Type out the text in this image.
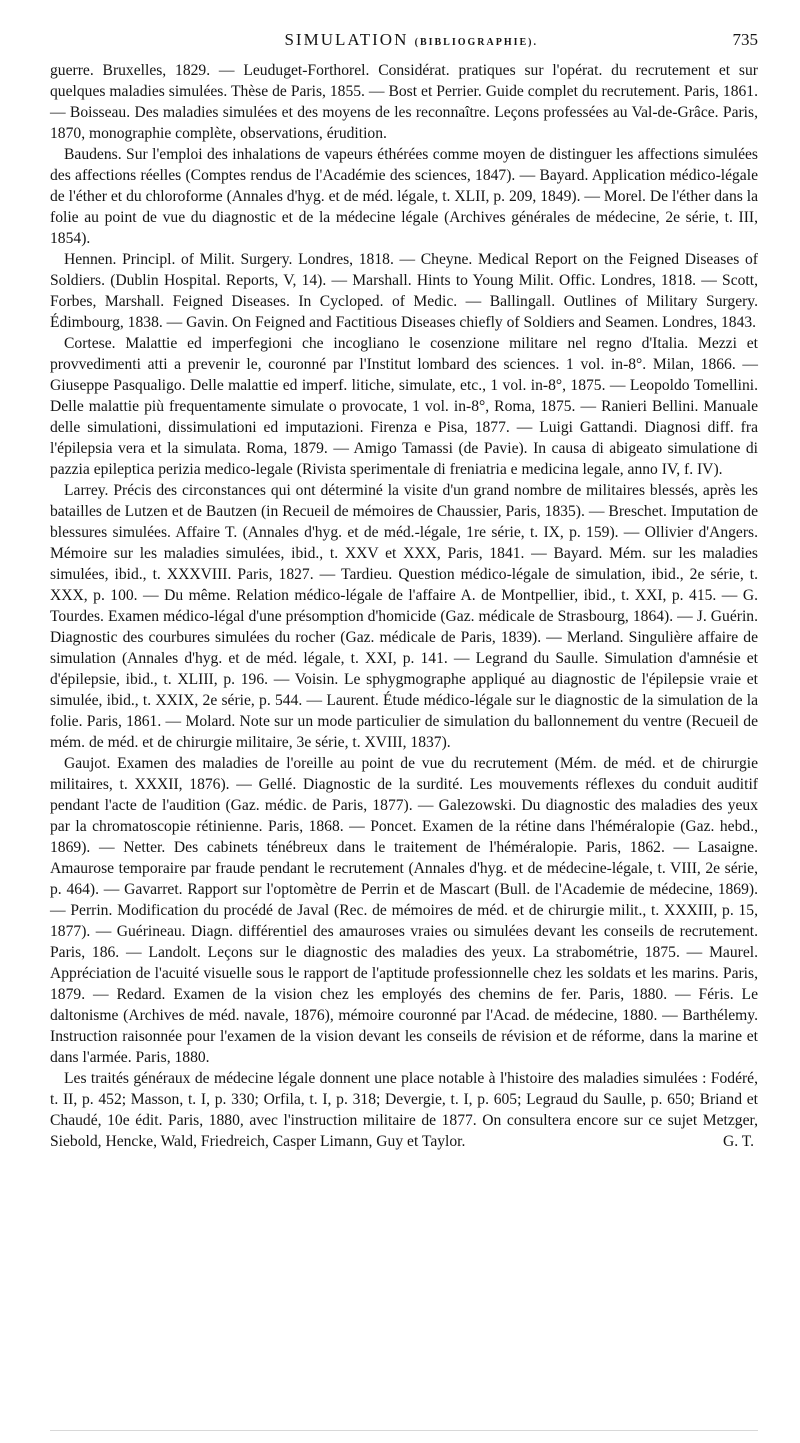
SIMULATION (BIBLIOGRAPHIE).	735

guerre. Bruxelles, 1829. — Leuduget-Forthorel. Considérat. pratiques sur l'opérat. du recrutement et sur quelques maladies simulées. Thèse de Paris, 1855. — Bost et Perrier. Guide complet du recrutement. Paris, 1861. — Boisseau. Des maladies simulées et des moyens de les reconnaître. Leçons professées au Val-de-Grâce. Paris, 1870, monographie complète, observations, érudition.

Baudens. Sur l'emploi des inhalations de vapeurs éthérées comme moyen de distinguer les affections simulées des affections réelles (Comptes rendus de l'Académie des sciences, 1847). — Bayard. Application médico-légale de l'éther et du chloroforme (Annales d'hyg. et de méd. légale, t. XLII, p. 209, 1849). — Morel. De l'éther dans la folie au point de vue du diagnostic et de la médecine légale (Archives générales de médecine, 2e série, t. III, 1854).

Hennen. Principl. of Milit. Surgery. Londres, 1818. — Cheyne. Medical Report on the Feigned Diseases of Soldiers. (Dublin Hospital. Reports, V, 14). — Marshall. Hints to Young Milit. Offic. Londres, 1818. — Scott, Forbes, Marshall. Feigned Diseases. In Cycloped. of Medic. — Ballingall. Outlines of Military Surgery. Édimbourg, 1838. — Gavin. On Feigned and Factitious Diseases chiefly of Soldiers and Seamen. Londres, 1843.

Cortese. Malattie ed imperfegioni che incogliano le cosenzione militare nel regno d'Italia. Mezzi et provvedimenti atti a prevenir le, couronné par l'Institut lombard des sciences. 1 vol. in-8°. Milan, 1866. — Giuseppe Pasqualigo. Delle malattie ed imperf. litiche, simulate, etc., 1 vol. in-8°, 1875. — Leopoldo Tomellini. Delle malattie più frequentamente simulate o provocate, 1 vol. in-8°, Roma, 1875. — Ranieri Bellini. Manuale delle simulationi, dissimulationi ed imputazioni. Firenza e Pisa, 1877. — Luigi Gattandi. Diagnosi diff. fra l'épilepsia vera et la simulata. Roma, 1879. — Amigo Tamassi (de Pavie). In causa di abigeato simulatione di pazzia epileptica perizia medico-legale (Rivista sperimentale di freniatria e medicina legale, anno IV, f. IV).

Larrey. Précis des circonstances qui ont déterminé la visite d'un grand nombre de militaires blessés, après les batailles de Lutzen et de Bautzen (in Recueil de mémoires de Chaussier, Paris, 1835). — Breschet. Imputation de blessures simulées. Affaire T. (Annales d'hyg. et de méd.-légale, 1re série, t. IX, p. 159). — Ollivier d'Angers. Mémoire sur les maladies simulées, ibid., t. XXV et XXX, Paris, 1841. — Bayard. Mém. sur les maladies simulées, ibid., t. XXXVIII. Paris, 1827. — Tardieu. Question médico-légale de simulation, ibid., 2e série, t. XXX, p. 100. — Du même. Relation médico-légale de l'affaire A. de Montpellier, ibid., t. XXI, p. 415. — G. Tourdes. Examen médico-légal d'une présomption d'homicide (Gaz. médicale de Strasbourg, 1864). — J. Guérin. Diagnostic des courbures simulées du rocher (Gaz. médicale de Paris, 1839). — Merland. Singulière affaire de simulation (Annales d'hyg. et de méd. légale, t. XXI, p. 141. — Legrand du Saulle. Simulation d'amnésie et d'épilepsie, ibid., t. XLIII, p. 196. — Voisin. Le sphygmographe appliqué au diagnostic de l'épilepsie vraie et simulée, ibid., t. XXIX, 2e série, p. 544. — Laurent. Étude médico-légale sur le diagnostic de la simulation de la folie. Paris, 1861. — Molard. Note sur un mode particulier de simulation du ballonnement du ventre (Recueil de mém. de méd. et de chirurgie militaire, 3e série, t. XVIII, 1837).

Gaujot. Examen des maladies de l'oreille au point de vue du recrutement (Mém. de méd. et de chirurgie militaires, t. XXXII, 1876). — Gellé. Diagnostic de la surdité. Les mouvements réflexes du conduit auditif pendant l'acte de l'audition (Gaz. médic. de Paris, 1877). — Galezowski. Du diagnostic des maladies des yeux par la chromatoscopie rétinienne. Paris, 1868. — Poncet. Examen de la rétine dans l'héméralopie (Gaz. hebd., 1869). — Netter. Des cabinets ténébreux dans le traitement de l'héméralopie. Paris, 1862. — Lasaigne. Amaurose temporaire par fraude pendant le recrutement (Annales d'hyg. et de médecine-légale, t. VIII, 2e série, p. 464). — Gavarret. Rapport sur l'optomètre de Perrin et de Mascart (Bull. de l'Academie de médecine, 1869). — Perrin. Modification du procédé de Javal (Rec. de mémoires de méd. et de chirurgie milit., t. XXXIII, p. 15, 1877). — Guérineau. Diagn. différentiel des amauroses vraies ou simulées devant les conseils de recrutement. Paris, 186. — Landolt. Leçons sur le diagnostic des maladies des yeux. La strabométrie, 1875. — Maurel. Appréciation de l'acuité visuelle sous le rapport de l'aptitude professionnelle chez les soldats et les marins. Paris, 1879. — Redard. Examen de la vision chez les employés des chemins de fer. Paris, 1880. — Féris. Le daltonisme (Archives de méd. navale, 1876), mémoire couronné par l'Acad. de médecine, 1880. — Barthélemy. Instruction raisonnée pour l'examen de la vision devant les conseils de révision et de réforme, dans la marine et dans l'armée. Paris, 1880.

Les traités généraux de médecine légale donnent une place notable à l'histoire des maladies simulées : Fodéré, t. II, p. 452; Masson, t. I, p. 330; Orfila, t. I, p. 318; Devergie, t. I, p. 605; Legraud du Saulle, p. 650; Briand et Chaudé, 10e édit. Paris, 1880, avec l'instruction militaire de 1877. On consultera encore sur ce sujet Metzger, Siebold, Hencke, Wald, Friedreich, Casper Limann, Guy et Taylor.	G. T.
